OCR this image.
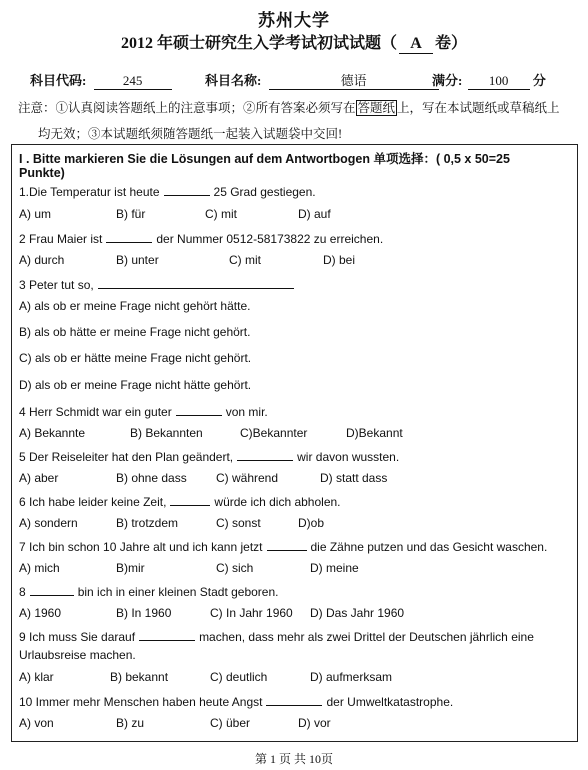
苏州大学
2012 年硕士研究生入学考试初试试题（ A 卷）
科目代码:	245	科目名称:	德语	满分: 100 分
注意：①认真阅读答题纸上的注意事项；②所有答案必须写在 答题纸 上，写在本试题纸或草稿纸上
均无效；③本试题纸须随答题纸一起装入试题袋中交回!
I . Bitte markieren Sie die Lösungen auf dem Antwortbogen 单项选择：( 0,5 x 50=25
Punkte)
1.Die Temperatur ist heute	25 Grad gestiegen.
A) um	B) für	C) mit	D) auf
2 Frau Maier ist	der Nummer 0512-58173822 zu erreichen.
A) durch	B) unter	C) mit	D) bei
3 Peter tut so,
A) als ob er meine Frage nicht gehört hätte.
B) als ob hätte er meine Frage nicht gehört.
C) als ob er hätte meine Frage nicht gehört.
D) als ob er meine Frage nicht hätte gehört.
4 Herr Schmidt war ein guter	von mir.
A) Bekannte	B) Bekannten	C)Bekannter	D)Bekannt
5 Der Reiseleiter hat den Plan geändert,	wir davon wussten.
A) aber	B) ohne dass C) während	D) statt dass
6 Ich habe leider keine Zeit,	würde ich dich abholen.
A) sondern	B) trotzdem	C) sonst	D)ob
7 Ich bin schon 10 Jahre alt und ich kann jetzt	die Zähne putzen und das Gesicht waschen.
A) mich	B)mir	C) sich	D) meine
8	bin ich in einer kleinen Stadt geboren.
A) 1960	B) In 1960	C) In Jahr 1960 D) Das Jahr 1960
9 Ich muss Sie darauf	machen, dass mehr als zwei Drittel der Deutschen jährlich eine
Urlaubsreise machen.
A) klar	B) bekannt	C) deutlich	D) aufmerksam
10 Immer mehr Menschen haben heute Angst	der Umweltkatastrophe.
A) von	B) zu	C) über	D) vor
第 1 页 共 10页
